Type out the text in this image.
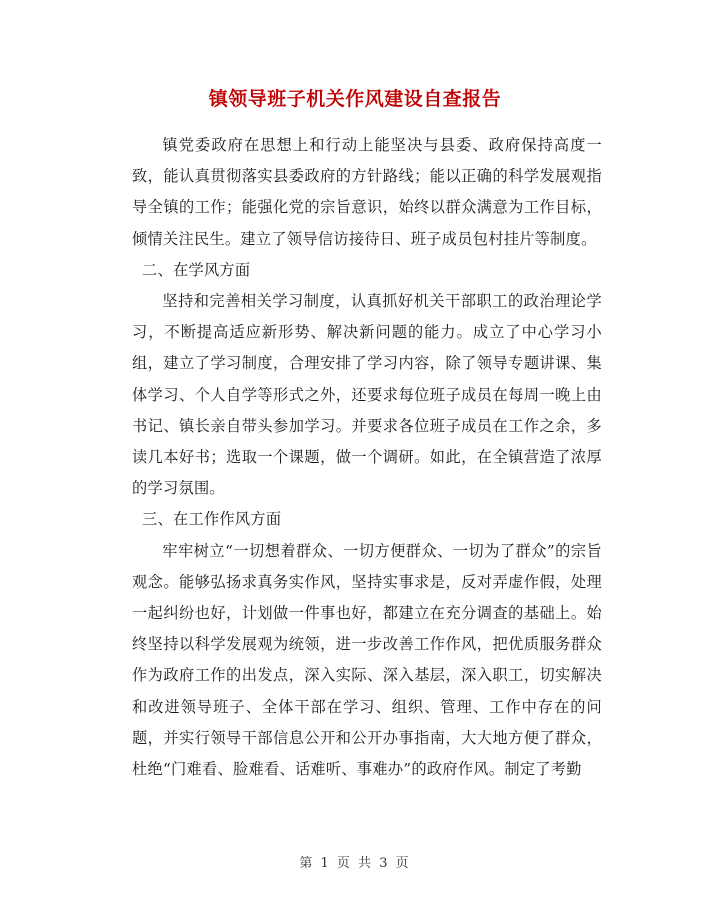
镇领导班子机关作风建设自查报告

镇党委政府在思想上和行动上能坚决与县委、政府保持高度一致，能认真贯彻落实县委政府的方针路线；能以正确的科学发展观指导全镇的工作；能强化党的宗旨意识，始终以群众满意为工作目标，倾情关注民生。建立了领导信访接待日、班子成员包村挂片等制度。

二、在学风方面

坚持和完善相关学习制度，认真抓好机关干部职工的政治理论学习，不断提高适应新形势、解决新问题的能力。成立了中心学习小组，建立了学习制度，合理安排了学习内容，除了领导专题讲课、集体学习、个人自学等形式之外，还要求每位班子成员在每周一晚上由书记、镇长亲自带头参加学习。并要求各位班子成员在工作之余，多读几本好书；选取一个课题，做一个调研。如此，在全镇营造了浓厚的学习氛围。

三、在工作作风方面

牢牢树立“一切想着群众、一切方便群众、一切为了群众”的宗旨观念。能够弘扬求真务实作风，坚持实事求是，反对弄虚作假，处理一起纠纷也好，计划做一件事也好，都建立在充分调查的基础上。始终坚持以科学发展观为统领，进一步改善工作作风，把优质服务群众作为政府工作的出发点，深入实际、深入基层，深入职工，切实解决和改进领导班子、全体干部在学习、组织、管理、工作中存在的问题，并实行领导干部信息公开和公开办事指南，大大地方便了群众，杜绝“门难看、脸难看、话难听、事难办”的政府作风。制定了考勤

第 1 页 共 3 页
